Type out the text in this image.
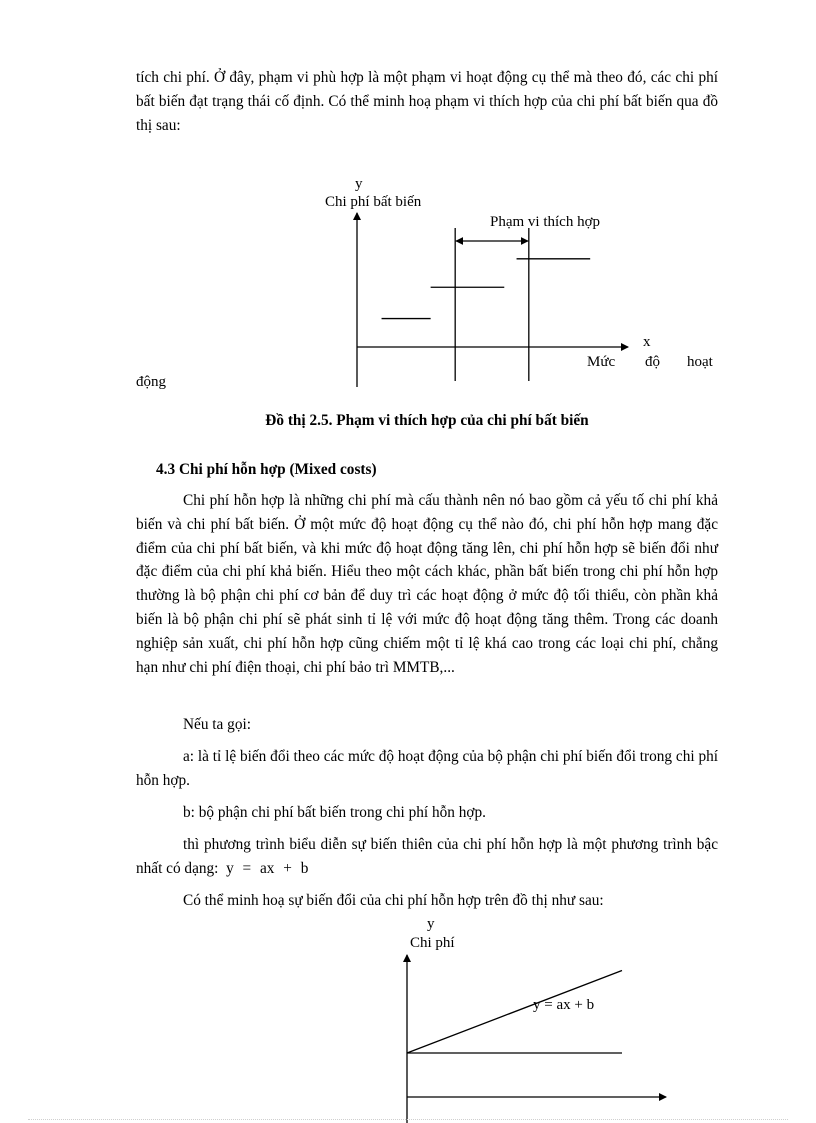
tích chi phí. Ở đây, phạm vi phù hợp là một phạm vi hoạt động cụ thể mà theo đó, các chi phí bất biến đạt trạng thái cố định. Có thể minh hoạ phạm vi thích hợp của chi phí bất biến qua đồ thị sau:

y
Chi phí bất biến
Phạm vi thích hợp
x
Mức độ hoạt
động
Đồ thị 2.5. Phạm vi thích hợp của chi phí bất biến
4.3 Chi phí hỗn hợp (Mixed costs)

Chi phí hỗn hợp là những chi phí mà cấu thành nên nó bao gồm cả yếu tố chi phí khả biến và chi phí bất biến. Ở một mức độ hoạt động cụ thể nào đó, chi phí hỗn hợp mang đặc điểm của chi phí bất biến, và khi mức độ hoạt động tăng lên, chi phí hỗn hợp sẽ biến đổi như đặc điểm của chi phí khả biến. Hiểu theo một cách khác, phần bất biến trong chi phí hỗn hợp thường là bộ phận chi phí cơ bản để duy trì các hoạt động ở mức độ tối thiểu, còn phần khả biến là bộ phận chi phí sẽ phát sinh tỉ lệ với mức độ hoạt động tăng thêm. Trong các doanh nghiệp sản xuất, chi phí hỗn hợp cũng chiếm một tỉ lệ khá cao trong các loại chi phí, chẳng hạn như chi phí điện thoại, chi phí bảo trì MMTB,...

Nếu ta gọi:

a: là tỉ lệ biến đổi theo các mức độ hoạt động của bộ phận chi phí biến đổi trong chi phí hỗn hợp.

b: bộ phận chi phí bất biến trong chi phí hỗn hợp.

thì phương trình biểu diễn sự biến thiên của chi phí hỗn hợp là một phương trình bậc nhất có dạng: y = ax + b

Có thể minh hoạ sự biến đổi của chi phí hỗn hợp trên đồ thị như sau:

y
Chi phí
y = ax + b
